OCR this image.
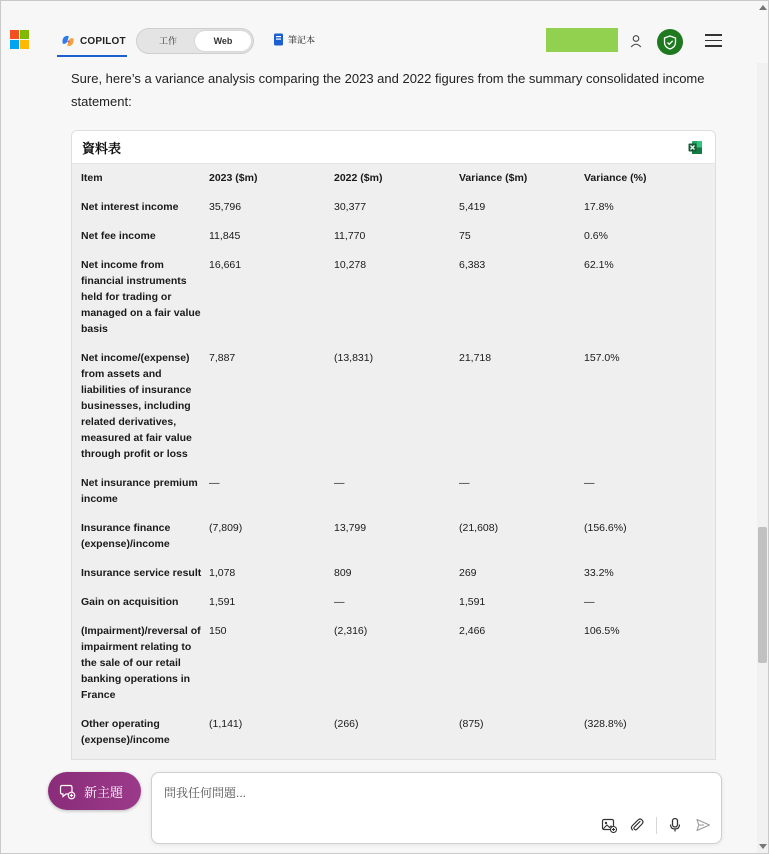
COPILOT	工作	Web	筆記本
Sure, here’s a variance analysis comparing the 2023 and 2022 figures from the summary consolidated income statement:
資料表
Item	2023 ($m)	2022 ($m)	Variance ($m)	Variance (%)
Net interest income	35,796	30,377	5,419	17.8%
Net fee income	11,845	11,770	75	0.6%
Net income from financial instruments held for trading or managed on a fair value basis	16,661	10,278	6,383	62.1%
Net income/(expense) from assets and liabilities of insurance businesses, including related derivatives, measured at fair value through profit or loss	7,887	(13,831)	21,718	157.0%
Net insurance premium income	—	—	—	—
Insurance finance (expense)/income	(7,809)	13,799	(21,608)	(156.6%)
Insurance service result	1,078	809	269	33.2%
Gain on acquisition	1,591	—	1,591	—
(Impairment)/reversal of impairment relating to the sale of our retail banking operations in France	150	(2,316)	2,466	106.5%
Other operating (expense)/income	(1,141)	(266)	(875)	(328.8%)
新主題
問我任何問題...
